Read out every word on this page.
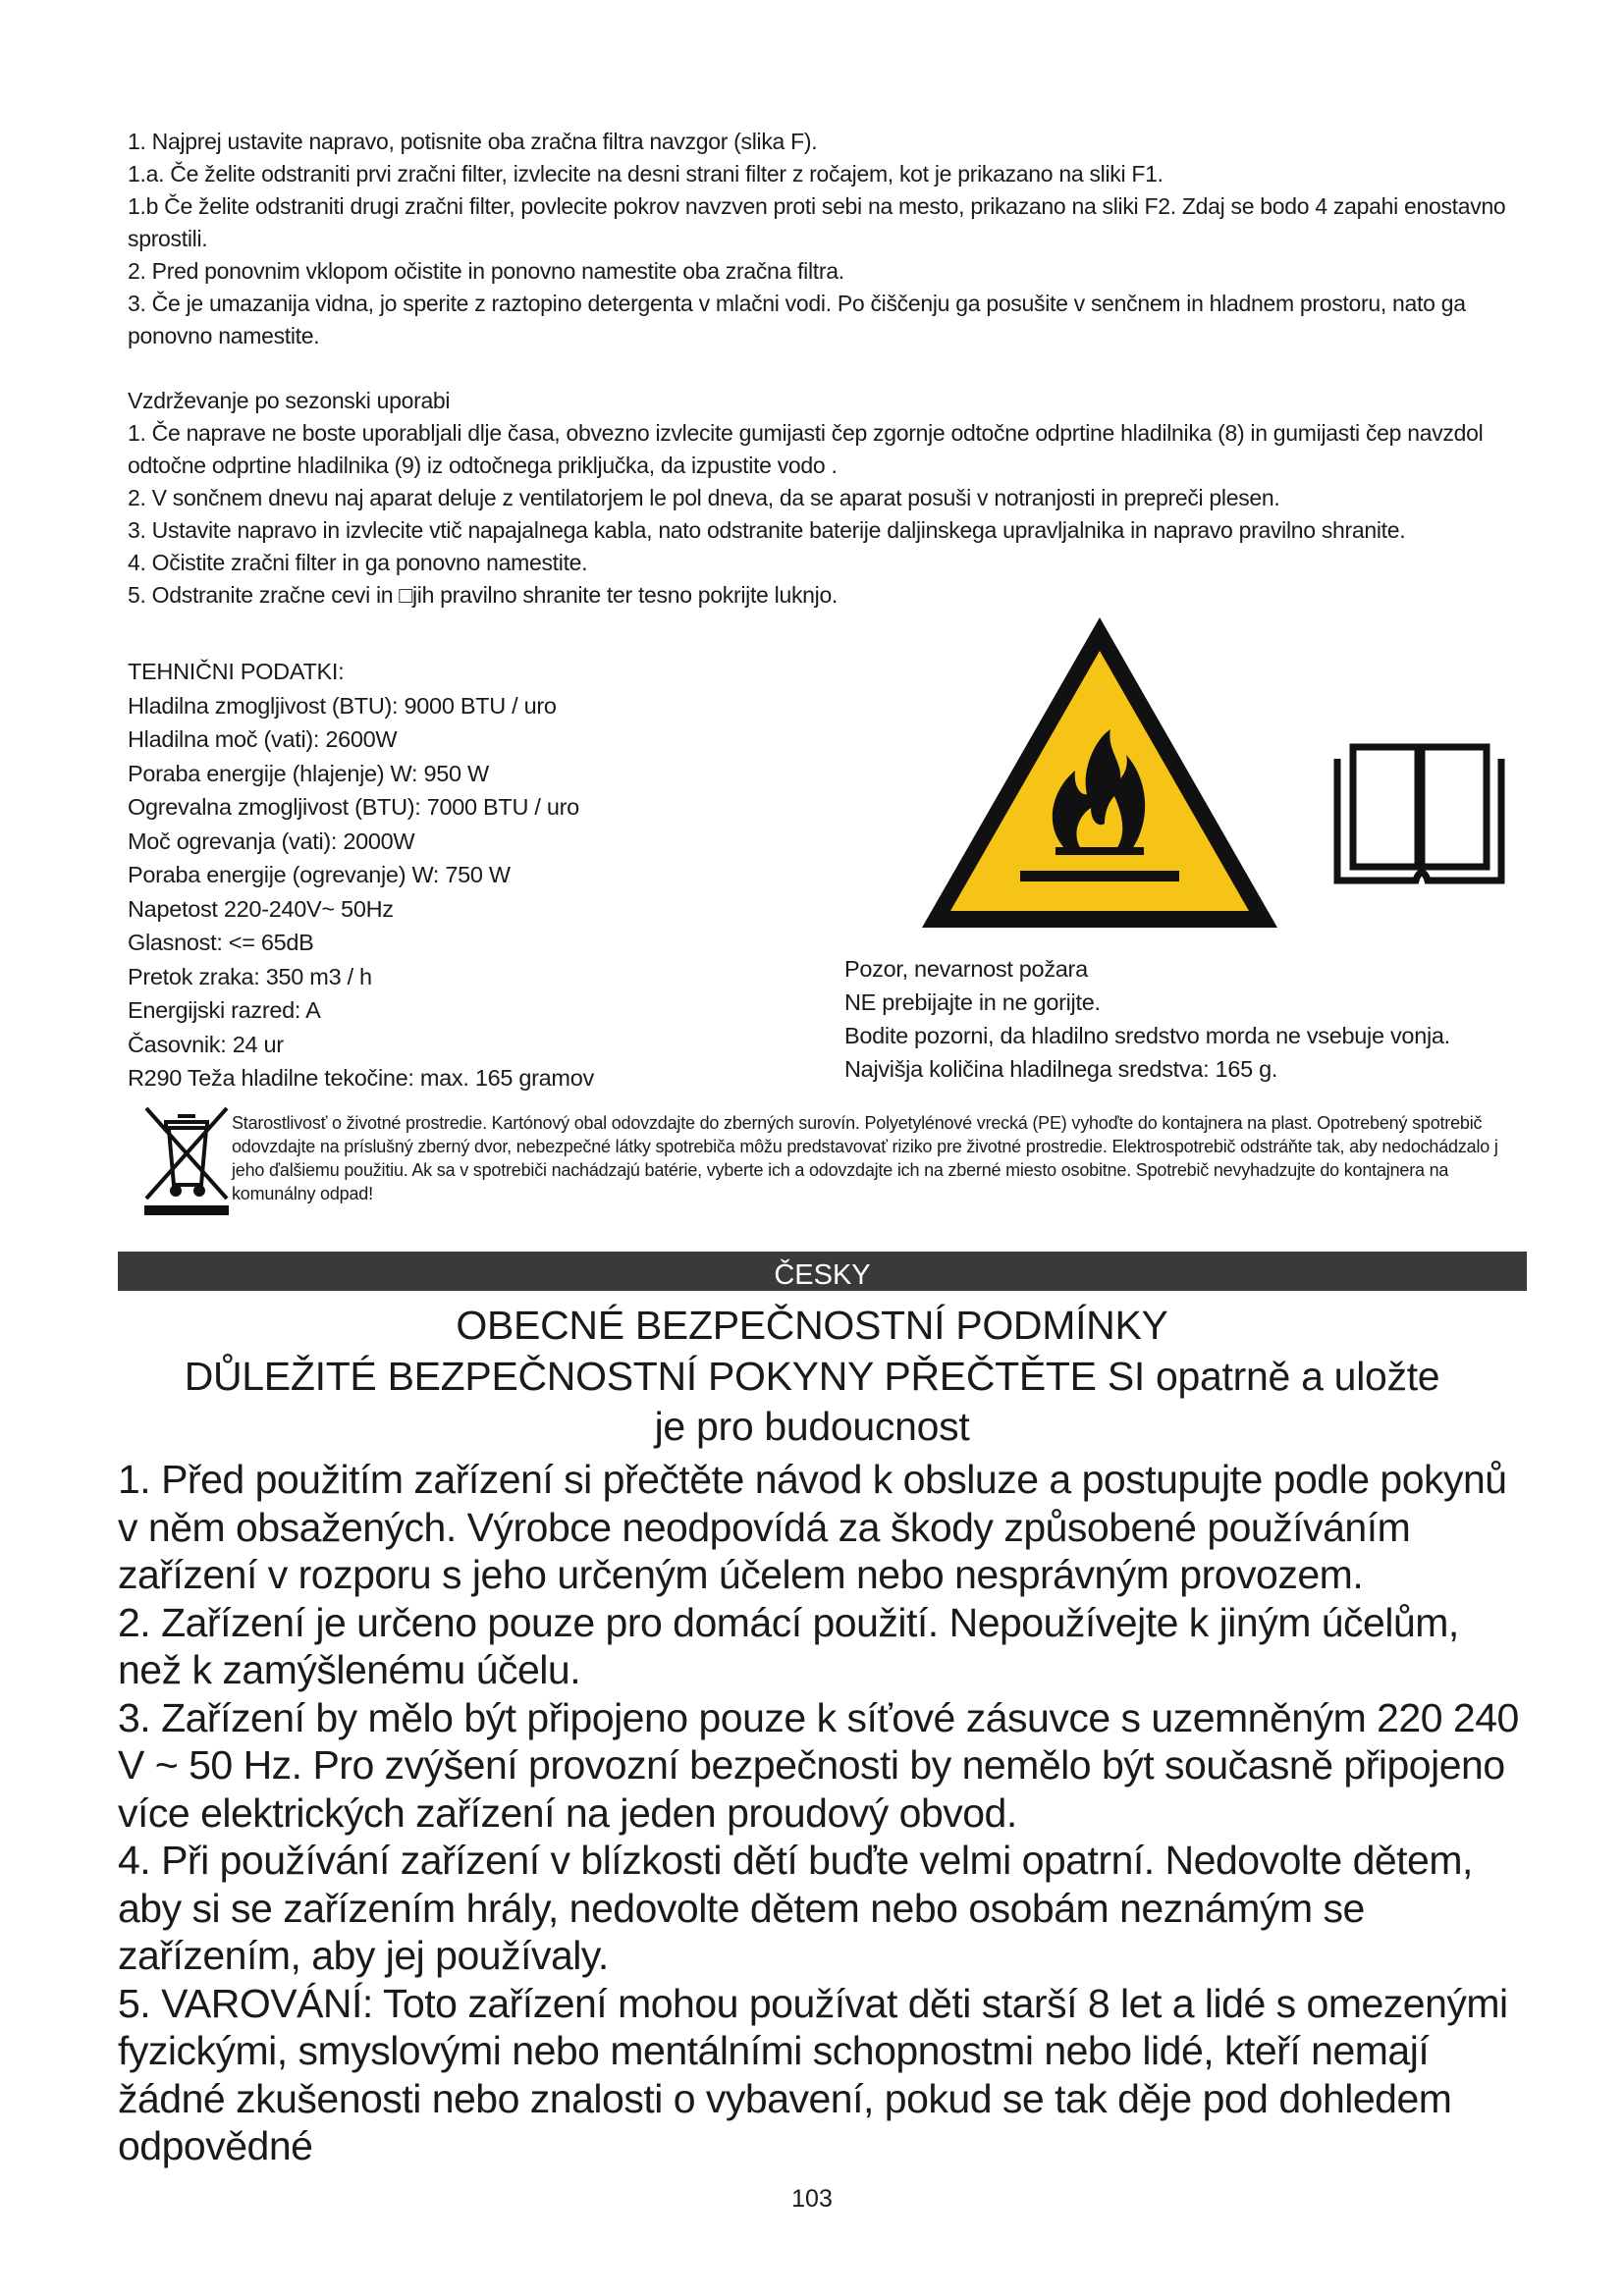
1. Najprej ustavite napravo, potisnite oba zračna filtra navzgor (slika F).

1.a. Če želite odstraniti prvi zračni filter, izvlecite na desni strani filter z ročajem, kot je prikazano na sliki F1.

1.b Če želite odstraniti drugi zračni filter, povlecite pokrov navzven proti sebi na mesto, prikazano na sliki F2. Zdaj se bodo 4 zapahi enostavno sprostili.

2. Pred ponovnim vklopom očistite in ponovno namestite oba zračna filtra.

3. Če je umazanija vidna, jo sperite z raztopino detergenta v mlačni vodi. Po čiščenju ga posušite v senčnem in hladnem prostoru, nato ga ponovno namestite.

Vzdrževanje po sezonski uporabi

1. Če naprave ne boste uporabljali dlje časa, obvezno izvlecite gumijasti čep zgornje odtočne odprtine hladilnika (8) in gumijasti čep navzdol odtočne odprtine hladilnika (9) iz odtočnega priključka, da izpustite vodo .

2. V sončnem dnevu naj aparat deluje z ventilatorjem le pol dneva, da se aparat posuši v notranjosti in prepreči plesen.

3. Ustavite napravo in izvlecite vtič napajalnega kabla, nato odstranite baterije daljinskega upravljalnika in napravo pravilno shranite.

4. Očistite zračni filter in ga ponovno namestite.

5. Odstranite zračne cevi in □jih pravilno shranite ter tesno pokrijte luknjo.

TEHNIČNI PODATKI:

Hladilna zmogljivost (BTU): 9000 BTU / uro

Hladilna moč (vati): 2600W

Poraba energije (hlajenje) W: 950 W

Ogrevalna zmogljivost (BTU): 7000 BTU / uro

Moč ogrevanja (vati): 2000W

Poraba energije (ogrevanje) W: 750 W

Napetost 220-240V~ 50Hz

Glasnost: <= 65dB

Pretok zraka: 350 m3 / h

Energijski razred: A

Časovnik: 24 ur

R290 Teža hladilne tekočine: max. 165 gramov

Pozor, nevarnost požara

NE prebijajte in ne gorijte.

Bodite pozorni, da hladilno sredstvo morda ne vsebuje vonja.

Najvišja količina hladilnega sredstva: 165 g.

Starostlivosť o životné prostredie. Kartónový obal odovzdajte do zberných surovín. Polyetylénové vrecká (PE) vyhoďte do kontajnera na plast. Opotrebený spotrebič odovzdajte na príslušný zberný dvor, nebezpečné látky spotrebiča môžu predstavovať riziko pre životné prostredie. Elektrospotrebič odstráňte tak, aby nedochádzalo j jeho ďalšiemu použitiu. Ak sa v spotrebiči nachádzajú batérie, vyberte ich a odovzdajte ich na zberné miesto osobitne. Spotrebič nevyhadzujte do kontajnera na komunálny odpad!
ČESKY
OBECNÉ BEZPEČNOSTNÍ PODMÍNKY
DŮLEŽITÉ BEZPEČNOSTNÍ POKYNY PŘEČTĚTE SI opatrně a uložte je pro budoucnost

1. Před použitím zařízení si přečtěte návod k obsluze a postupujte podle pokynů v něm obsažených. Výrobce neodpovídá za škody způsobené používáním zařízení v rozporu s jeho určeným účelem nebo nesprávným provozem.

2. Zařízení je určeno pouze pro domácí použití. Nepoužívejte k jiným účelům, než k zamýšlenému účelu.

3. Zařízení by mělo být připojeno pouze k síťové zásuvce s uzemněným 220 240 V ~ 50 Hz. Pro zvýšení provozní bezpečnosti by nemělo být současně připojeno více elektrických zařízení na jeden proudový obvod.

4. Při používání zařízení v blízkosti dětí buďte velmi opatrní. Nedovolte dětem, aby si se zařízením hrály, nedovolte dětem nebo osobám neznámým se zařízením, aby jej používaly.

5. VAROVÁNÍ: Toto zařízení mohou používat děti starší 8 let a lidé s omezenými fyzickými, smyslovými nebo mentálními schopnostmi nebo lidé, kteří nemají žádné zkušenosti nebo znalosti o vybavení, pokud se tak děje pod dohledem odpovědné

103
